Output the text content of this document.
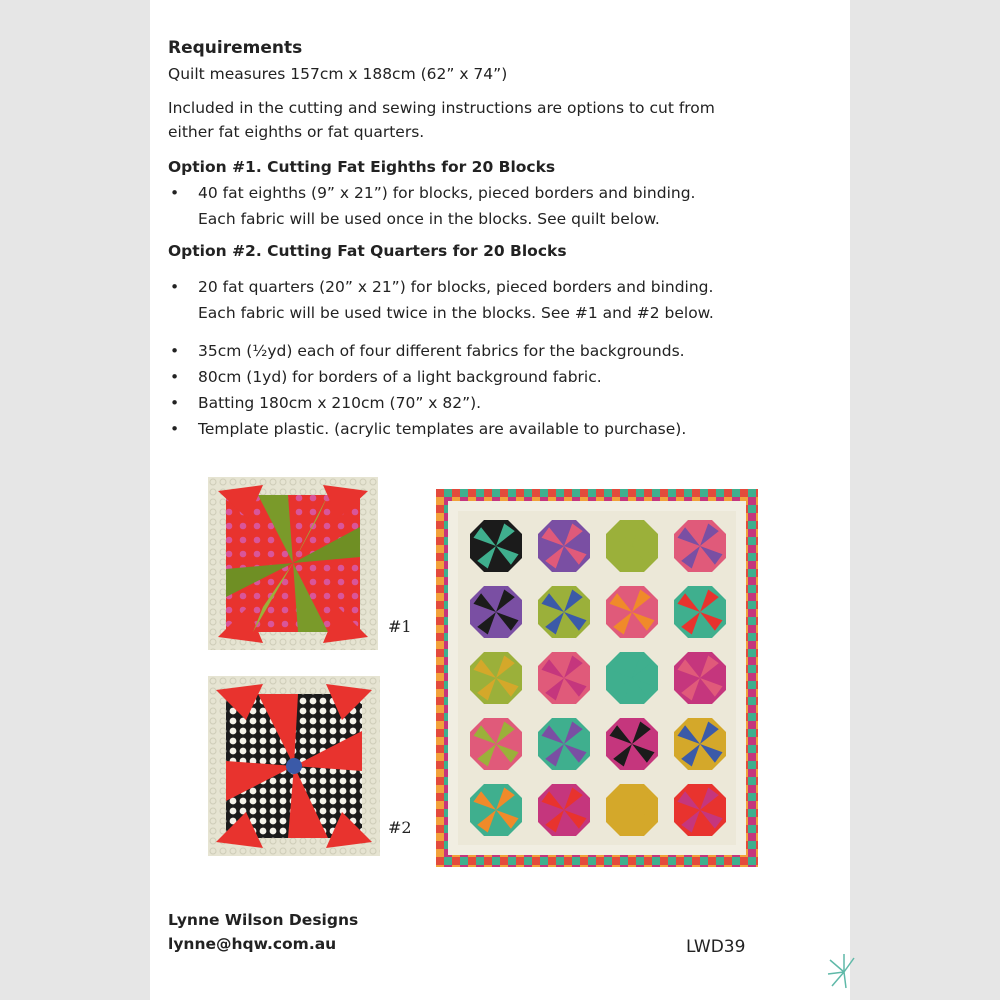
Requirements
Quilt measures 157cm x 188cm (62” x 74”)
Included in the cutting and sewing instructions are options to cut from
either fat eighths or fat quarters.
Option #1. Cutting Fat Eighths for 20 Blocks
• 40 fat eighths (9” x 21”) for blocks, pieced borders and binding.
Each fabric will be used once in the blocks. See quilt below.
Option #2. Cutting Fat Quarters for 20 Blocks
• 20 fat quarters (20” x 21”) for blocks, pieced borders and binding.
Each fabric will be used twice in the blocks. See #1 and #2 below.
• 35cm (½yd) each of four different fabrics for the backgrounds.
• 80cm (1yd) for borders of a light background fabric.
• Batting 180cm x 210cm (70” x 82”).
• Template plastic. (acrylic templates are available to purchase).
#1
#2
Lynne Wilson Designs
lynne@hqw.com.au	LWD39
